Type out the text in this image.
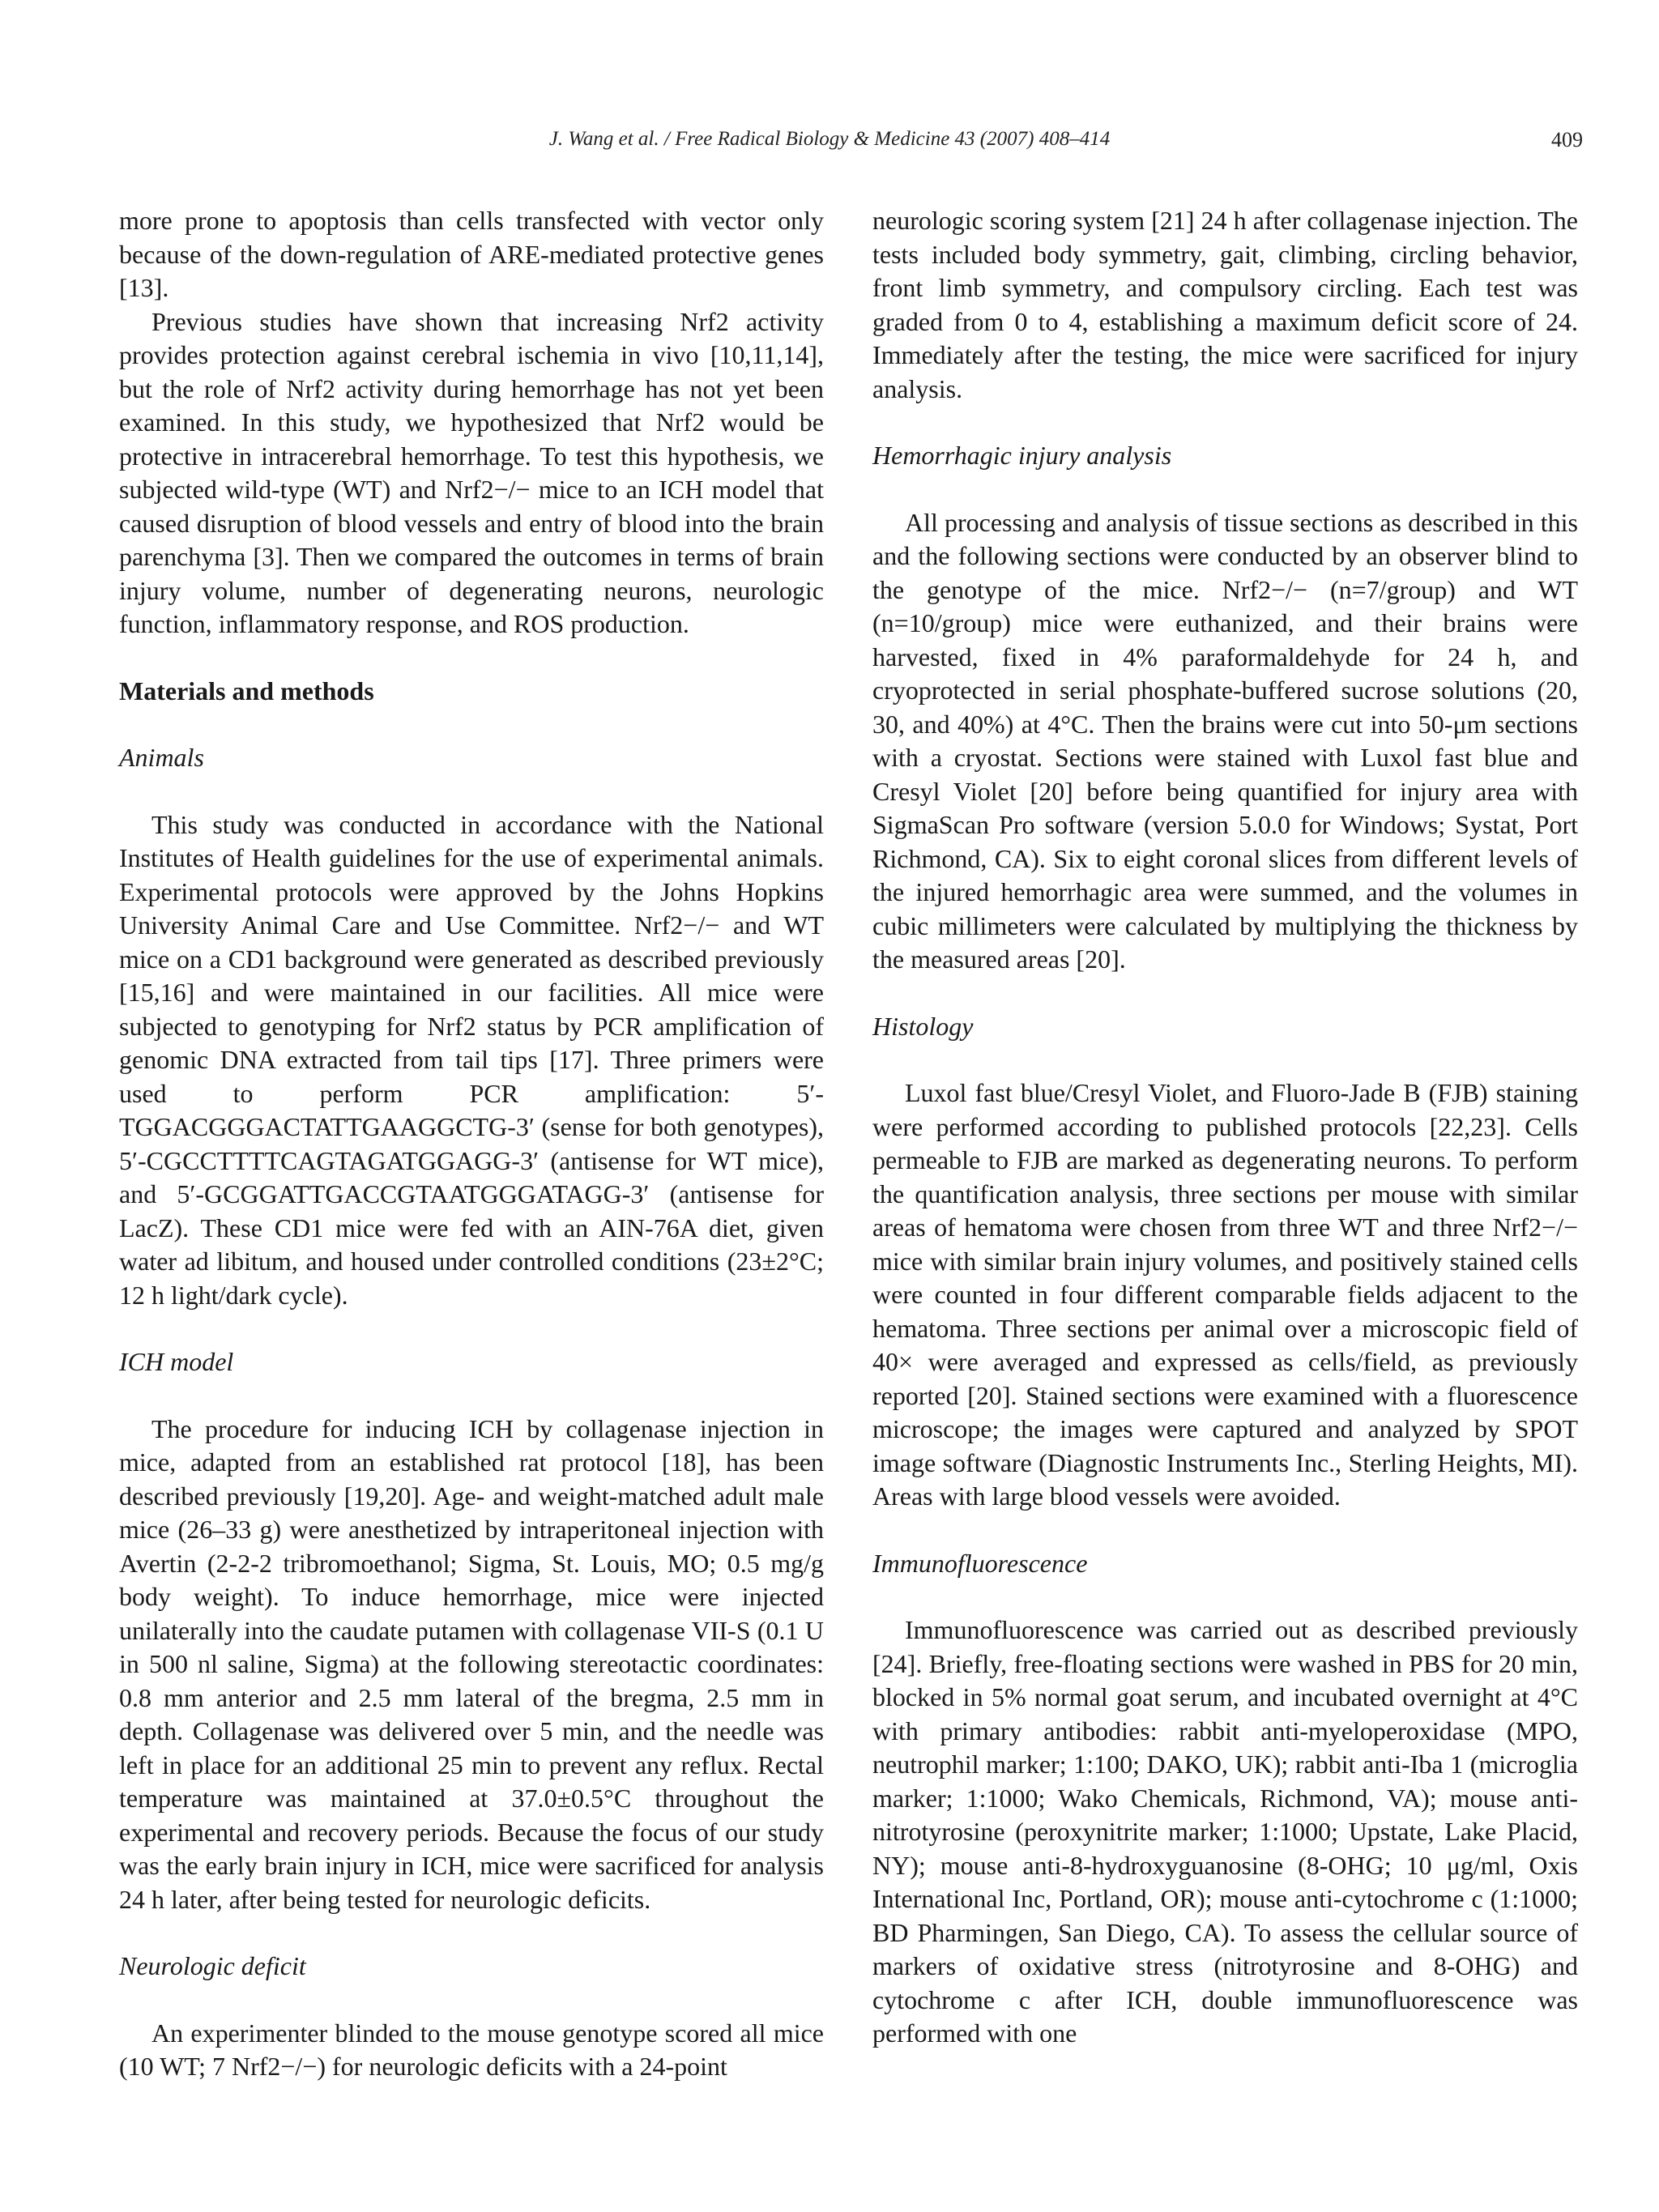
J. Wang et al. / Free Radical Biology & Medicine 43 (2007) 408–414	409

more prone to apoptosis than cells transfected with vector only because of the down-regulation of ARE-mediated protective genes [13].

Previous studies have shown that increasing Nrf2 activity provides protection against cerebral ischemia in vivo [10,11,14], but the role of Nrf2 activity during hemorrhage has not yet been examined. In this study, we hypothesized that Nrf2 would be protective in intracerebral hemorrhage. To test this hypothesis, we subjected wild-type (WT) and Nrf2−/− mice to an ICH model that caused disruption of blood vessels and entry of blood into the brain parenchyma [3]. Then we compared the outcomes in terms of brain injury volume, number of degenerating neurons, neurologic function, inflammatory response, and ROS production.

Materials and methods
Animals

This study was conducted in accordance with the National Institutes of Health guidelines for the use of experimental animals. Experimental protocols were approved by the Johns Hopkins University Animal Care and Use Committee. Nrf2−/− and WT mice on a CD1 background were generated as described previously [15,16] and were maintained in our facilities. All mice were subjected to genotyping for Nrf2 status by PCR amplification of genomic DNA extracted from tail tips [17]. Three primers were used to perform PCR amplification: 5′-TGGACGGGACTATTGAAGGCTG-3′ (sense for both genotypes), 5′-CGCCTTTTCAGTAGATGGAGG-3′ (antisense for WT mice), and 5′-GCGGATTGACCGTAATGGGATAGG-3′ (antisense for LacZ). These CD1 mice were fed with an AIN-76A diet, given water ad libitum, and housed under controlled conditions (23±2°C; 12 h light/dark cycle).

ICH model

The procedure for inducing ICH by collagenase injection in mice, adapted from an established rat protocol [18], has been described previously [19,20]. Age- and weight-matched adult male mice (26–33 g) were anesthetized by intraperitoneal injection with Avertin (2-2-2 tribromoethanol; Sigma, St. Louis, MO; 0.5 mg/g body weight). To induce hemorrhage, mice were injected unilaterally into the caudate putamen with collagenase VII-S (0.1 U in 500 nl saline, Sigma) at the following stereotactic coordinates: 0.8 mm anterior and 2.5 mm lateral of the bregma, 2.5 mm in depth. Collagenase was delivered over 5 min, and the needle was left in place for an additional 25 min to prevent any reflux. Rectal temperature was maintained at 37.0±0.5°C throughout the experimental and recovery periods. Because the focus of our study was the early brain injury in ICH, mice were sacrificed for analysis 24 h later, after being tested for neurologic deficits.

Neurologic deficit

An experimenter blinded to the mouse genotype scored all mice (10 WT; 7 Nrf2−/−) for neurologic deficits with a 24-point

neurologic scoring system [21] 24 h after collagenase injection. The tests included body symmetry, gait, climbing, circling behavior, front limb symmetry, and compulsory circling. Each test was graded from 0 to 4, establishing a maximum deficit score of 24. Immediately after the testing, the mice were sacrificed for injury analysis.

Hemorrhagic injury analysis

All processing and analysis of tissue sections as described in this and the following sections were conducted by an observer blind to the genotype of the mice. Nrf2−/− (n=7/group) and WT (n=10/group) mice were euthanized, and their brains were harvested, fixed in 4% paraformaldehyde for 24 h, and cryoprotected in serial phosphate-buffered sucrose solutions (20, 30, and 40%) at 4°C. Then the brains were cut into 50-μm sections with a cryostat. Sections were stained with Luxol fast blue and Cresyl Violet [20] before being quantified for injury area with SigmaScan Pro software (version 5.0.0 for Windows; Systat, Port Richmond, CA). Six to eight coronal slices from different levels of the injured hemorrhagic area were summed, and the volumes in cubic millimeters were calculated by multiplying the thickness by the measured areas [20].

Histology

Luxol fast blue/Cresyl Violet, and Fluoro-Jade B (FJB) staining were performed according to published protocols [22,23]. Cells permeable to FJB are marked as degenerating neurons. To perform the quantification analysis, three sections per mouse with similar areas of hematoma were chosen from three WT and three Nrf2−/− mice with similar brain injury volumes, and positively stained cells were counted in four different comparable fields adjacent to the hematoma. Three sections per animal over a microscopic field of 40× were averaged and expressed as cells/field, as previously reported [20]. Stained sections were examined with a fluorescence microscope; the images were captured and analyzed by SPOT image software (Diagnostic Instruments Inc., Sterling Heights, MI). Areas with large blood vessels were avoided.

Immunofluorescence

Immunofluorescence was carried out as described previously [24]. Briefly, free-floating sections were washed in PBS for 20 min, blocked in 5% normal goat serum, and incubated overnight at 4°C with primary antibodies: rabbit anti-myeloperoxidase (MPO, neutrophil marker; 1:100; DAKO, UK); rabbit anti-Iba 1 (microglia marker; 1:1000; Wako Chemicals, Richmond, VA); mouse anti-nitrotyrosine (peroxynitrite marker; 1:1000; Upstate, Lake Placid, NY); mouse anti-8-hydroxyguanosine (8-OHG; 10 μg/ml, Oxis International Inc, Portland, OR); mouse anti-cytochrome c (1:1000; BD Pharmingen, San Diego, CA). To assess the cellular source of markers of oxidative stress (nitrotyrosine and 8-OHG) and cytochrome c after ICH, double immunofluorescence was performed with one
